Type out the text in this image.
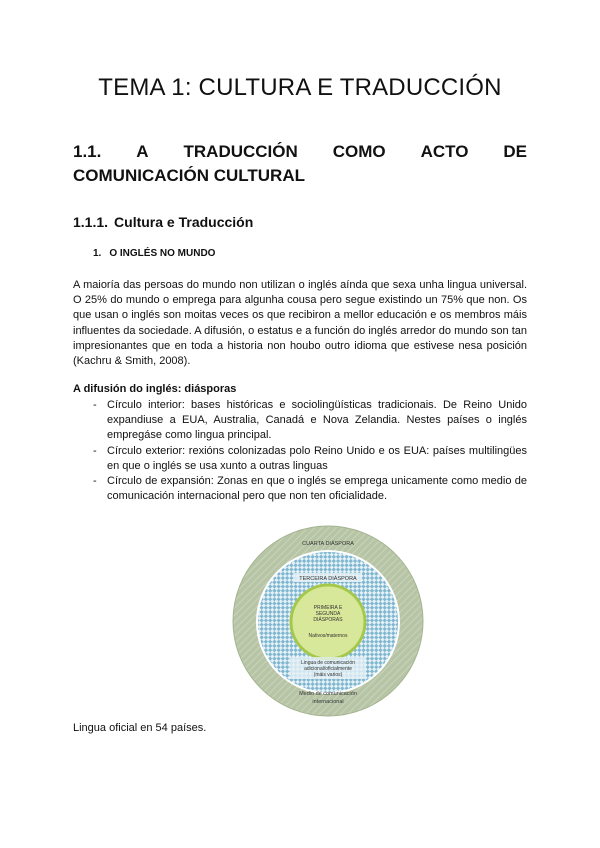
TEMA 1: CULTURA E TRADUCCIÓN
1.1. A TRADUCCIÓN COMO ACTO DE
COMUNICACIÓN CULTURAL
1.1.1. Cultura e Traducción
1. O INGLÉS NO MUNDO

A maioría das persoas do mundo non utilizan o inglés aínda que sexa unha lingua universal. O 25% do mundo o emprega para algunha cousa pero segue existindo un 75% que non. Os que usan o inglés son moitas veces os que recibiron a mellor educación e os membros máis influentes da sociedade. A difusión, o estatus e a función do inglés arredor do mundo son tan impresionantes que en toda a historia non houbo outro idioma que estivese nesa posición (Kachru & Smith, 2008).

A difusión do inglés: diásporas

- Círculo interior: bases históricas e sociolingüísticas tradicionais. De Reino Unido expandiuse a EUA, Australia, Canadá e Nova Zelandia. Nestes países o inglés empregáse como lingua principal.
- Círculo exterior: rexións colonizadas polo Reino Unido e os EUA: países multilingües en que o inglés se usa xunto a outras linguas
- Círculo de expansión: Zonas en que o inglés se emprega unicamente como medio de comunicación internacional pero que non ten oficialidade.
CUARTA DIÁSPORA
Medio de comunicación
internacional
TERCEIRA DIÁSPORA
Lingua de comunicación
adicional/oficialmente
(máis varios)
PRIMEIRA E
SEGUNDA
DIÁSPORAS
Nativos/maternos

Lingua oficial en 54 países.
